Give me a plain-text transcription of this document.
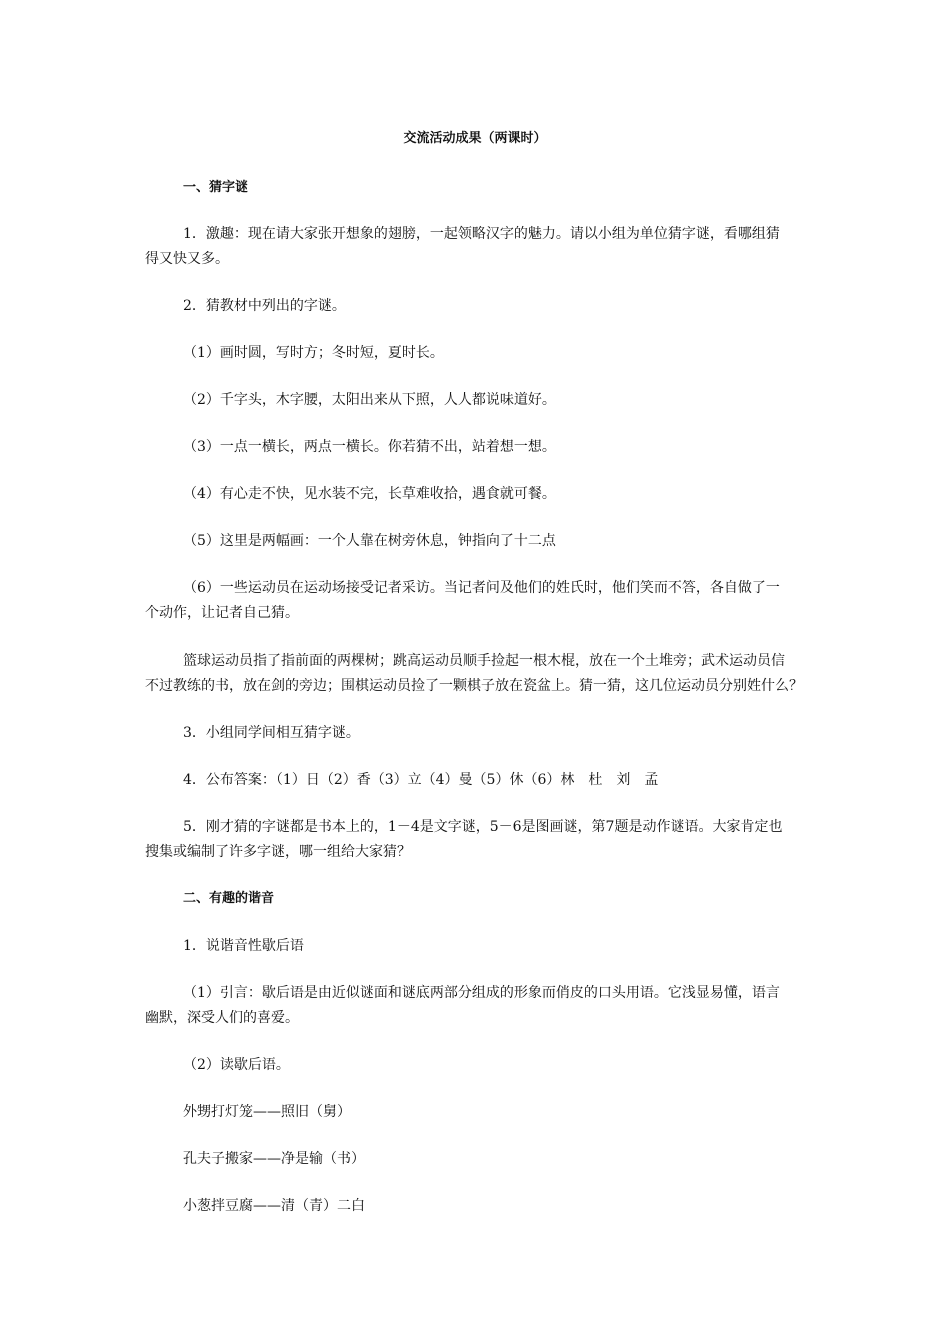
交流活动成果（两课时）
一、猜字谜
1．激趣：现在请大家张开想象的翅膀，一起领略汉字的魅力。请以小组为单位猜字谜，看哪组猜
得又快又多。
2．猜教材中列出的字谜。
（1）画时圆，写时方；冬时短，夏时长。
（2）千字头，木字腰，太阳出来从下照，人人都说味道好。
（3）一点一横长，两点一横长。你若猜不出，站着想一想。
（4）有心走不快，见水装不完，长草难收拾，遇食就可餐。
（5）这里是两幅画：一个人靠在树旁休息，钟指向了十二点
（6）一些运动员在运动场接受记者采访。当记者问及他们的姓氏时，他们笑而不答，各自做了一
个动作，让记者自己猜。
篮球运动员指了指前面的两棵树；跳高运动员顺手捡起一根木棍，放在一个土堆旁；武术运动员信
不过教练的书，放在剑的旁边；围棋运动员捡了一颗棋子放在瓷盆上。猜一猜，这几位运动员分别姓什么？
3．小组同学间相互猜字谜。
4．公布答案：（1）日（2）香（3）立（4）曼（5）休（6）林　杜　刘　孟
5．刚才猜的字谜都是书本上的，1－4是文字谜，5－6是图画谜，第7题是动作谜语。大家肯定也
搜集或编制了许多字谜，哪一组给大家猜？
二、有趣的谐音
1．说谐音性歇后语
（1）引言：歇后语是由近似谜面和谜底两部分组成的形象而俏皮的口头用语。它浅显易懂，语言
幽默，深受人们的喜爱。
（2）读歇后语。
外甥打灯笼——照旧（舅）
孔夫子搬家——净是输（书）
小葱拌豆腐——清（青）二白
